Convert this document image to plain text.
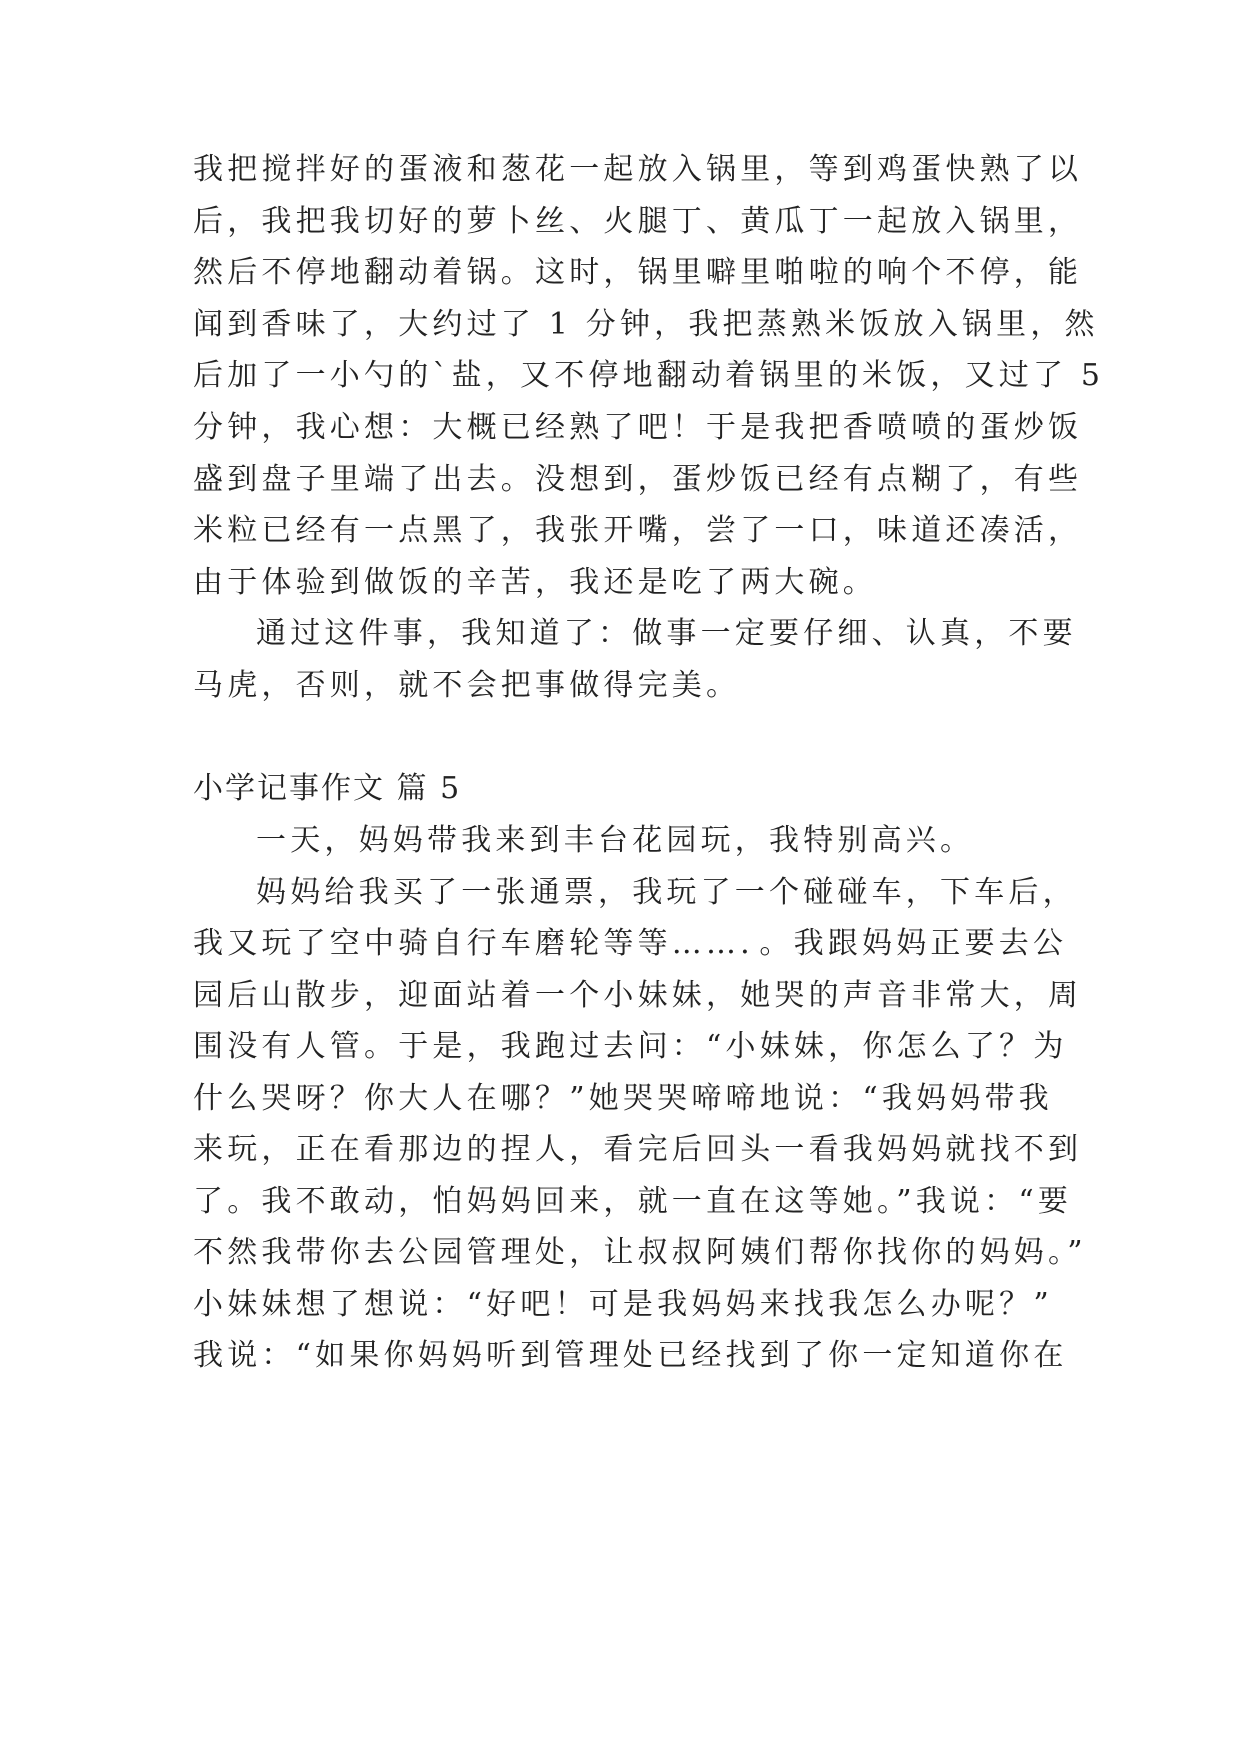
我把搅拌好的蛋液和葱花一起放入锅里，等到鸡蛋快熟了以
后，我把我切好的萝卜丝、火腿丁、黄瓜丁一起放入锅里，
然后不停地翻动着锅。这时，锅里噼里啪啦的响个不停，能
闻到香味了，大约过了 1 分钟，我把蒸熟米饭放入锅里，然
后加了一小勺的`盐，又不停地翻动着锅里的米饭，又过了 5
分钟，我心想：大概已经熟了吧！于是我把香喷喷的蛋炒饭
盛到盘子里端了出去。没想到，蛋炒饭已经有点糊了，有些
米粒已经有一点黑了，我张开嘴，尝了一口，味道还凑活，
由于体验到做饭的辛苦，我还是吃了两大碗。
通过这件事，我知道了：做事一定要仔细、认真，不要
马虎，否则，就不会把事做得完美。
小学记事作文 篇 5
一天，妈妈带我来到丰台花园玩，我特别高兴。
妈妈给我买了一张通票，我玩了一个碰碰车，下车后，
我又玩了空中骑自行车磨轮等等……．。我跟妈妈正要去公
园后山散步，迎面站着一个小妹妹，她哭的声音非常大，周
围没有人管。于是，我跑过去问：“小妹妹，你怎么了？为
什么哭呀？你大人在哪？”她哭哭啼啼地说：“我妈妈带我
来玩，正在看那边的捏人，看完后回头一看我妈妈就找不到
了。我不敢动，怕妈妈回来，就一直在这等她。”我说：“要
不然我带你去公园管理处，让叔叔阿姨们帮你找你的妈妈。”
小妹妹想了想说：“好吧！可是我妈妈来找我怎么办呢？”
我说：“如果你妈妈听到管理处已经找到了你一定知道你在
